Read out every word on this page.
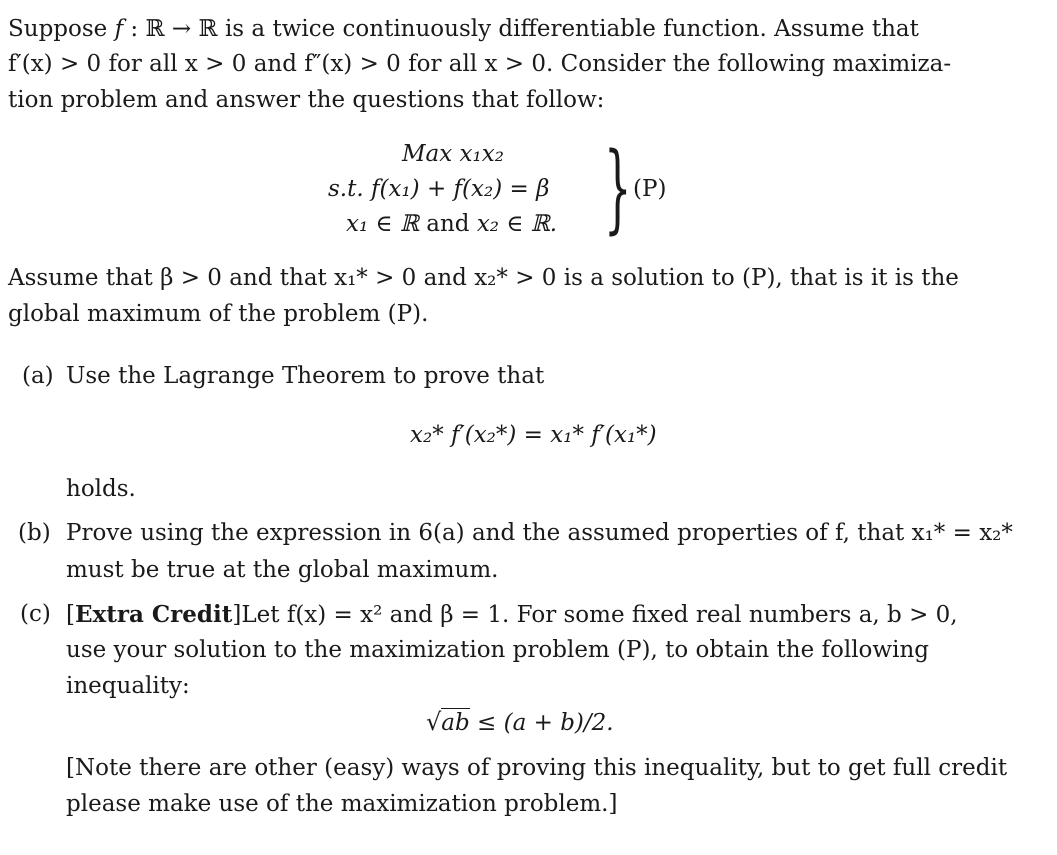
Suppose f : ℝ → ℝ is a twice continuously differentiable function. Assume that
f′(x) > 0 for all x > 0 and f″(x) > 0 for all x > 0. Consider the following maximiza-
tion problem and answer the questions that follow:
Max x₁x₂
s.t. f(x₁) + f(x₂) = β
x₁ ∈ ℝ and x₂ ∈ ℝ. } (P)
Assume that β > 0 and that x₁* > 0 and x₂* > 0 is a solution to (P), that is it is the
global maximum of the problem (P).
(a) Use the Lagrange Theorem to prove that
x₂* f′(x₂*) = x₁* f′(x₁*)
holds.
(b) Prove using the expression in 6(a) and the assumed properties of f, that x₁* = x₂*
must be true at the global maximum.
(c) [Extra Credit]Let f(x) = x² and β = 1. For some fixed real numbers a, b > 0,
use your solution to the maximization problem (P), to obtain the following
inequality:
√ab ≤ (a + b)/2.
[Note there are other (easy) ways of proving this inequality, but to get full credit
please make use of the maximization problem.]
